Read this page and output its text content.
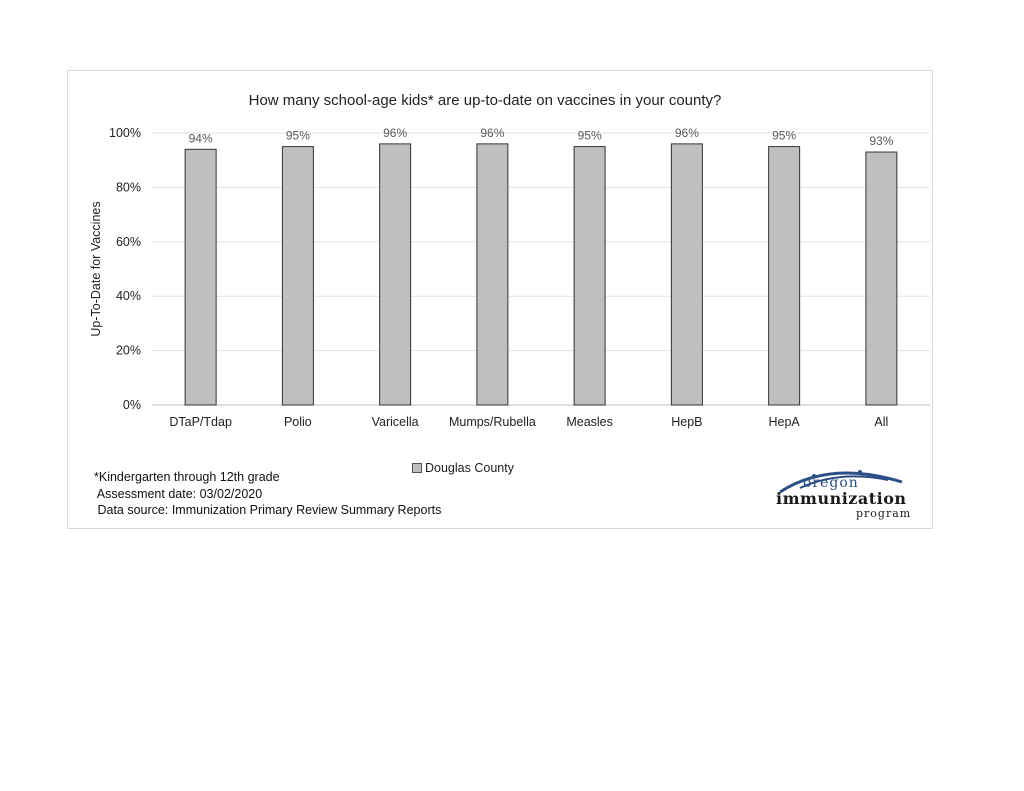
How many school-age kids* are up-to-date on vaccines in your county?
0%
20%
40%
60%
80%
100%
Up-To-Date for Vaccines
94%
DTaP/Tdap
95%
Polio
96%
Varicella
96%
Mumps/Rubella
95%
Measles
96%
HepB
95%
HepA
93%
All
Douglas County
*Kindergarten through 12th grade
Assessment date: 03/02/2020
Data source: Immunization Primary Review Summary Reports
oregon
immunization
program
